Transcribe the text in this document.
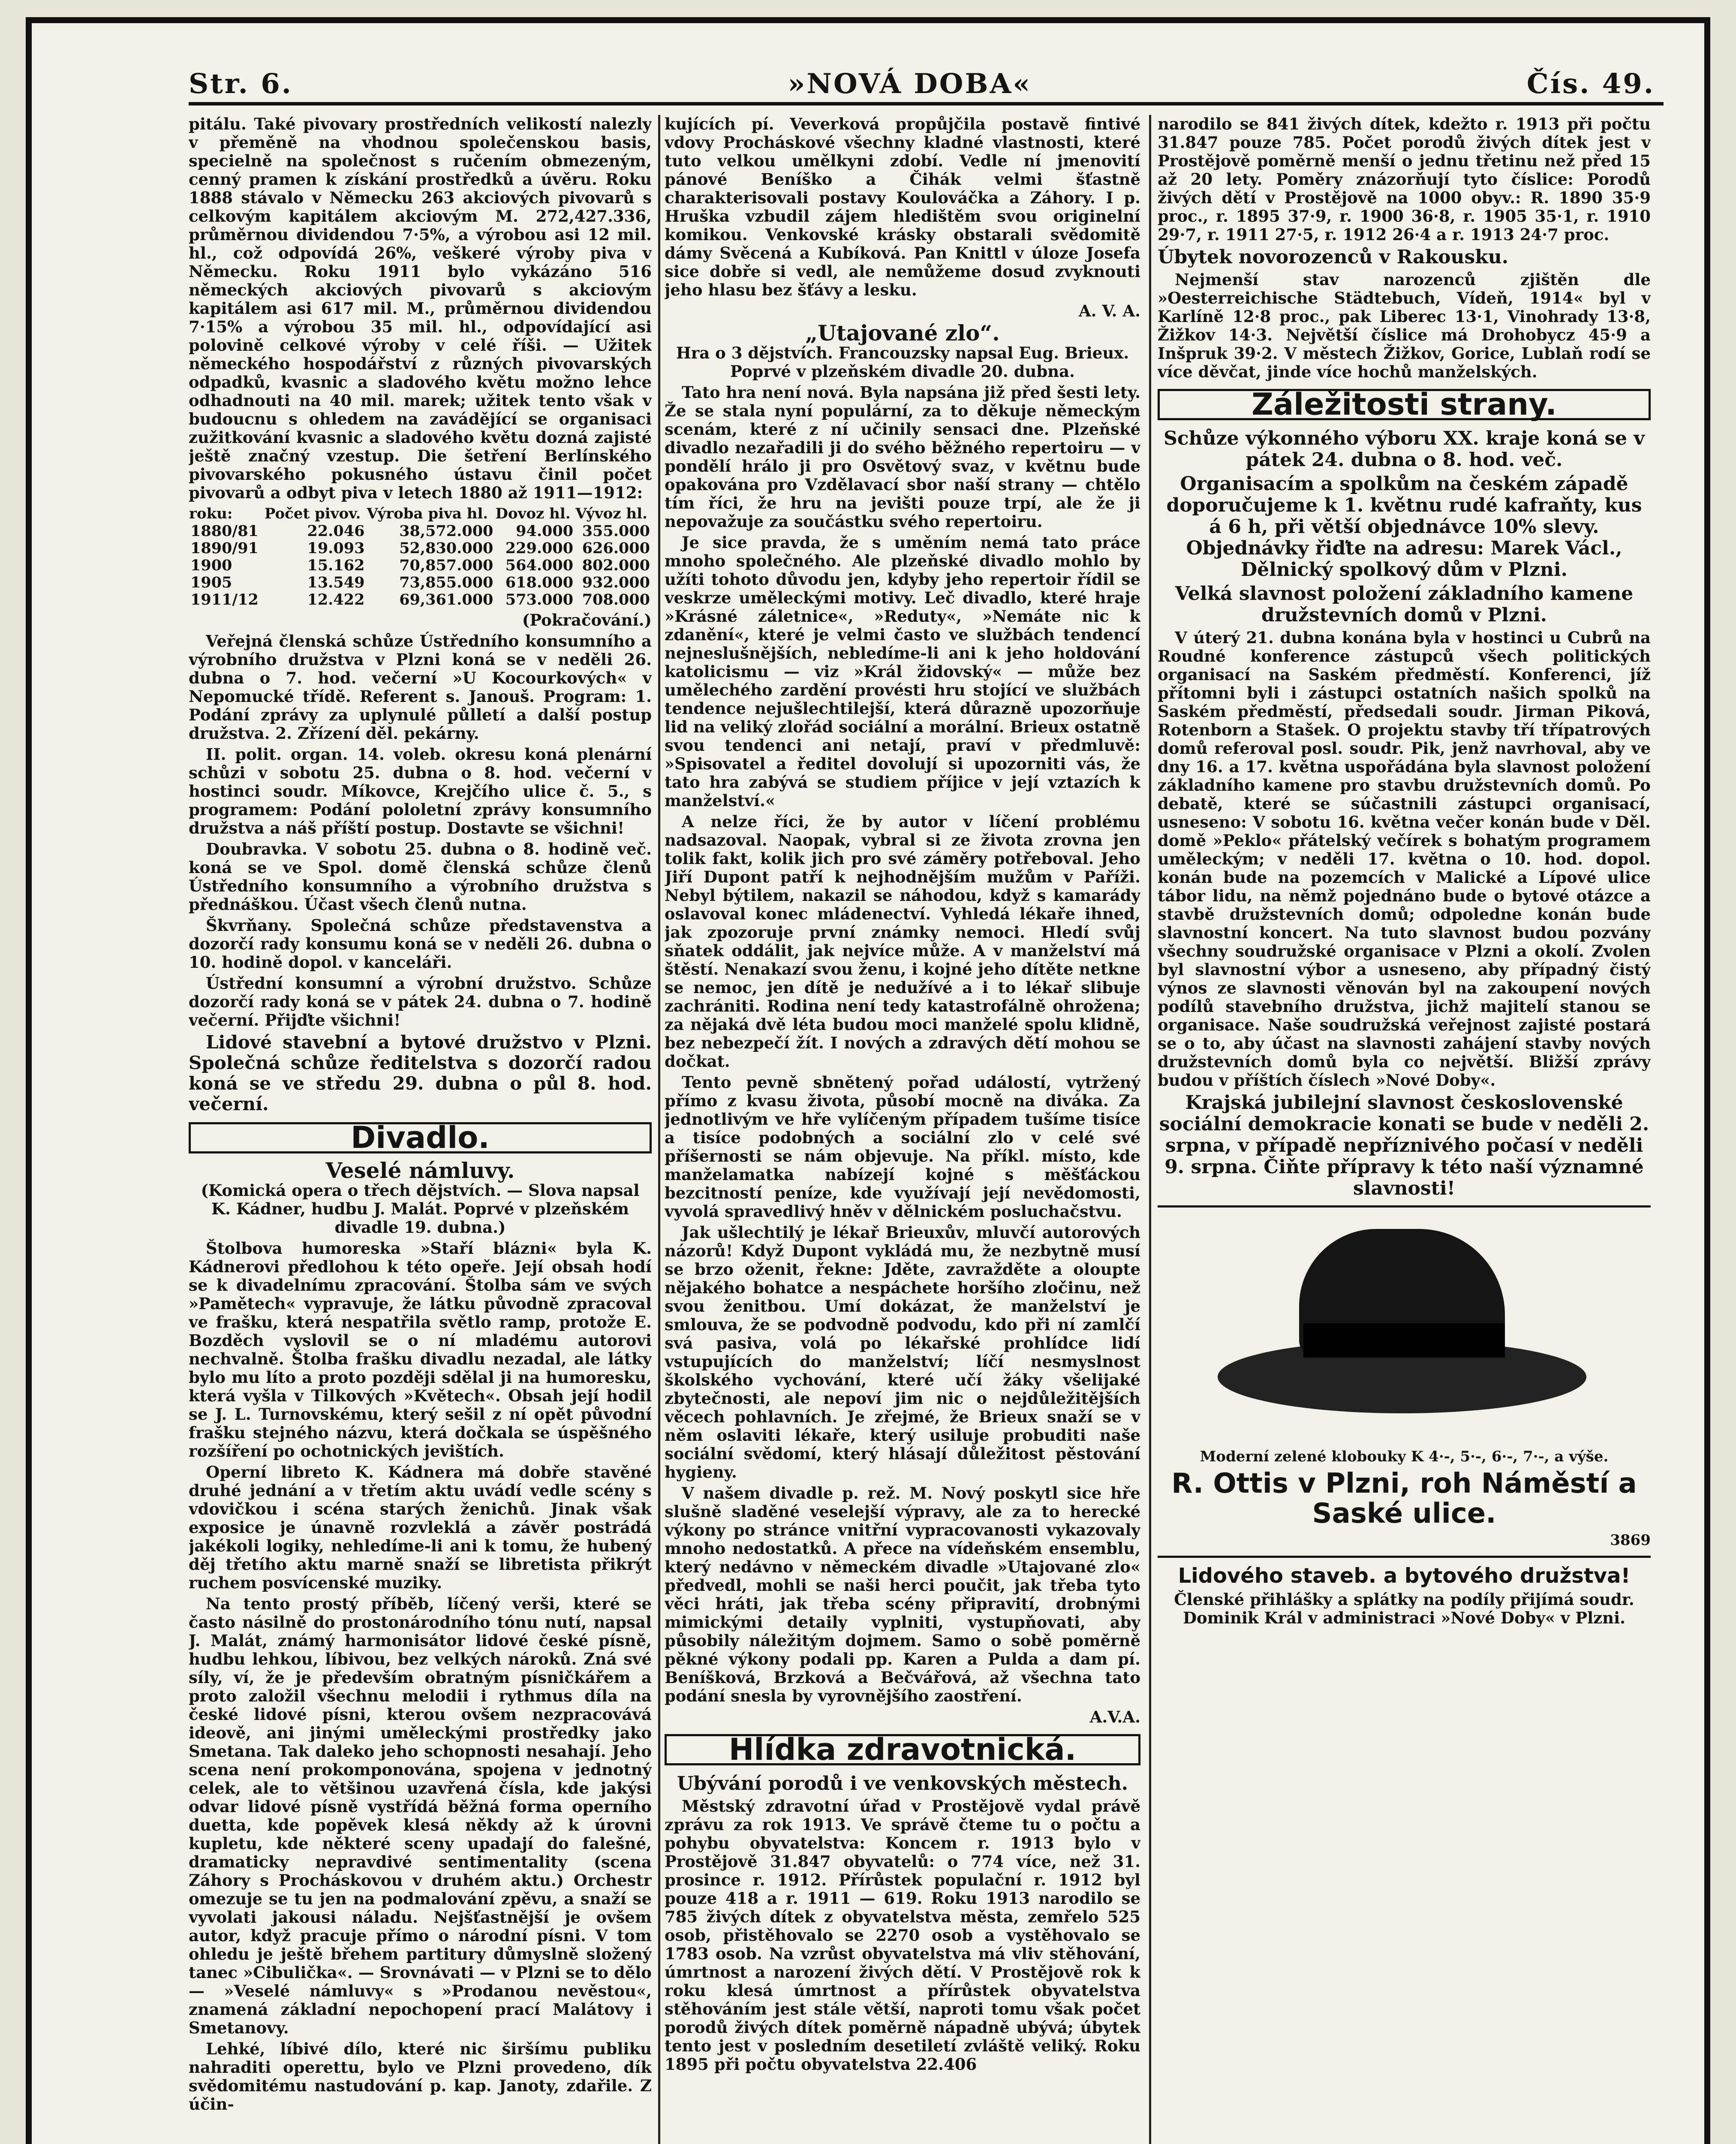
Str. 6.	»NOVÁ DOBA«	Čís. 49.

pitálu. Také pivovary prostředních velikostí nalezly v přeměně na vhodnou společenskou basis, specielně na společnost s ručením obmezeným, cenný pramen k získání prostředků a úvěru. Roku 1888 stávalo v Německu 263 akciových pivovarů s celkovým kapitálem akciovým M. 272,427.336, průměrnou dividendou 7·5%, a výrobou asi 12 mil. hl., což odpovídá 26%, veškeré výroby piva v Německu. Roku 1911 bylo vykázáno 516 německých akciových pivovarů s akciovým kapitálem asi 617 mil. M., průměrnou dividendou 7·15% a výrobou 35 mil. hl., odpovídající asi polovině celkové výroby v celé říši. — Užitek německého hospodářství z různých pivovarských odpadků, kvasnic a sladového květu možno lehce odhadnouti na 40 mil. marek; užitek tento však v budoucnu s ohledem na zavádějící se organisaci zužitkování kvasnic a sladového květu dozná zajisté ještě značný vzestup. Die šetření Berlínského pivovarského pokusného ústavu činil počet pivovarů a odbyt piva v letech 1880 až 1911—1912:

roku:	Počet pivov.	Výroba piva hl.	Dovoz hl.	Vývoz hl.
1880/81	22.046	38,572.000	94.000	355.000
1890/91	19.093	52,830.000	229.000	626.000
1900	15.162	70,857.000	564.000	802.000
1905	13.549	73,855.000	618.000	932.000
1911/12	12.422	69,361.000	573.000	708.000

(Pokračování.)

Veřejná členská schůze Ústředního konsumního a výrobního družstva v Plzni koná se v neděli 26. dubna o 7. hod. večerní »U Kocourkových« v Nepomucké třídě. Referent s. Janouš. Program: 1. Podání zprávy za uplynulé půlletí a další postup družstva. 2. Zřízení děl. pekárny.

II. polit. organ. 14. voleb. okresu koná plenární schůzi v sobotu 25. dubna o 8. hod. večerní v hostinci soudr. Míkovce, Krejčího ulice č. 5., s programem: Podání pololetní zprávy konsumního družstva a náš příští postup. Dostavte se všichni!

Doubravka. V sobotu 25. dubna o 8. hodině več. koná se ve Spol. domě členská schůze členů Ústředního konsumního a výrobního družstva s přednáškou. Účast všech členů nutna.

Škvrňany. Společná schůze představenstva a dozorčí rady konsumu koná se v neděli 26. dubna o 10. hodině dopol. v kanceláři.

Ústřední konsumní a výrobní družstvo. Schůze dozorčí rady koná se v pátek 24. dubna o 7. hodině večerní. Přijďte všichni!

Lidové stavební a bytové družstvo v Plzni. Společná schůze ředitelstva s dozorčí radou koná se ve středu 29. dubna o půl 8. hod. večerní.

Divadlo.
Veselé námluvy.

(Komická opera o třech dějstvích. — Slova napsal K. Kádner, hudbu J. Malát. Poprvé v plzeňském divadle 19. dubna.)

Štolbova humoreska »Staří blázni« byla K. Kádnerovi předlohou k této opeře. Její obsah hodí se k divadelnímu zpracování. Štolba sám ve svých »Pamětech« vypravuje, že látku původně zpracoval ve frašku, která nespatřila světlo ramp, protože E. Bozděch vyslovil se o ní mladému autorovi nechvalně. Štolba frašku divadlu nezadal, ale látky bylo mu líto a proto později sdělal ji na humoresku, která vyšla v Tilkových »Květech«. Obsah její hodil se J. L. Turnovskému, který sešil z ní opět původní frašku stejného názvu, která dočkala se úspěšného rozšíření po ochotnických jevištích.

Operní libreto K. Kádnera má dobře stavěné druhé jednání a v třetím aktu uvádí vedle scény s vdovičkou i scéna starých ženichů. Jinak však exposice je únavně rozvleklá a závěr postrádá jakékoli logiky, nehledíme-li ani k tomu, že hubený děj třetího aktu marně snaží se libretista přikrýt ruchem posvícenské muziky.

Na tento prostý příběb, líčený verši, které se často násilně do prostonárodního tónu nutí, napsal J. Malát, známý harmonisátor lidové české písně, hudbu lehkou, líbivou, bez velkých nároků. Zná své síly, ví, že je především obratným písničkářem a proto založil všechnu melodii i rythmus díla na české lidové písni, kterou ovšem nezpracovává ideově, ani jinými uměleckými prostředky jako Smetana. Tak daleko jeho schopnosti nesahají. Jeho scena není prokomponována, spojena v jednotný celek, ale to většinou uzavřená čísla, kde jakýsi odvar lidové písně vystřídá běžná forma operního duetta, kde popěvek klesá někdy až k úrovni kupletu, kde některé sceny upadají do falešné, dramaticky nepravdivé sentimentality (scena Záhory s Procháskovou v druhém aktu.) Orchestr omezuje se tu jen na podmalování zpěvu, a snaží se vyvolati jakousi náladu. Nejšťastnější je ovšem autor, když pracuje přímo o národní písni. V tom ohledu je ještě břehem partitury důmyslně složený tanec »Cibulička«. — Srovnávati — v Plzni se to dělo — »Veselé námluvy« s »Prodanou nevěstou«, znamená základní nepochopení prací Malátovy i Smetanovy.

Lehké, líbivé dílo, které nic širšímu publiku nahraditi operettu, bylo ve Plzni provedeno, dík svědomitému nastudování p. kap. Janoty, zdařile. Z účin-

kujících pí. Veverková propůjčila postavě fintivé vdovy Procháskové všechny kladné vlastnosti, které tuto velkou umělkyni zdobí. Vedle ní jmenovití pánové Beníško a Čihák velmi šťastně charakterisovali postavy Koulováčka a Záhory. I p. Hruška vzbudil zájem hledištěm svou originelní komikou. Venkovské krásky obstarali svědomitě dámy Svěcená a Kubíková. Pan Knittl v úloze Josefa sice dobře si vedl, ale nemůžeme dosud zvyknouti jeho hlasu bez šťávy a lesku.

A. V. A.

„Utajované zlo“.

Hra o 3 dějstvích. Francouzsky napsal Eug. Brieux. Poprvé v plzeňském divadle 20. dubna.

Tato hra není nová. Byla napsána již před šesti lety. Že se stala nyní populární, za to děkuje německým scenám, které z ní učinily sensaci dne. Plzeňské divadlo nezařadili ji do svého běžného repertoiru — v pondělí hrálo ji pro Osvětový svaz, v květnu bude opakována pro Vzdělavací sbor naší strany — chtělo tím říci, že hru na jevišti pouze trpí, ale že ji nepovažuje za součástku svého repertoiru.

Je sice pravda, že s uměním nemá tato práce mnoho společného. Ale plzeňské divadlo mohlo by užíti tohoto důvodu jen, kdyby jeho repertoir řídil se veskrze uměleckými motivy. Leč divadlo, které hraje »Krásné záletnice«, »Reduty«, »Nemáte nic k zdanění«, které je velmi často ve službách tendencí nejneslušnějších, nebledíme-li ani k jeho holdování katolicismu — viz »Král židovský« — může bez umělechého zardění provésti hru stojící ve službách tendence nejušlechtilejší, která důrazně upozorňuje lid na veliký zlořád sociální a morální. Brieux ostatně svou tendenci ani netají, praví v předmluvě: »Spisovatel a ředitel dovolují si upozorniti vás, že tato hra zabývá se studiem příjice v její vztazích k manželství.«

A nelze říci, že by autor v líčení problému nadsazoval. Naopak, vybral si ze života zrovna jen tolik fakt, kolik jich pro své záměry potřeboval. Jeho Jiří Dupont patří k nejhodnějším mužům v Paříži. Nebyl býtilem, nakazil se náhodou, když s kamarády oslavoval konec mládenectví. Vyhledá lékaře ihned, jak zpozoruje první známky nemoci. Hledí svůj sňatek oddálit, jak nejvíce může. A v manželství má štěstí. Nenakazí svou ženu, i kojné jeho dítěte netkne se nemoc, jen dítě je nedužívé a i to lékař slibuje zachrániti. Rodina není tedy katastrofálně ohrožena; za nějaká dvě léta budou moci manželé spolu klidně, bez nebezpečí žít. I nových a zdravých dětí mohou se dočkat.

Tento pevně sbnětený pořad událostí, vytržený přímo z kvasu života, působí mocně na diváka. Za jednotlivým ve hře vylíčeným případem tušíme tisíce a tisíce podobných a sociální zlo v celé své příšernosti se nám objevuje. Na příkl. místo, kde manželamatka nabízejí kojné s měšťáckou bezcitností peníze, kde využívají její nevědomosti, vyvolá spravedlivý hněv v dělnickém posluchačstvu.

Jak ušlechtilý je lékař Brieuxův, mluvčí autorových názorů! Když Dupont vykládá mu, že nezbytně musí se brzo oženit, řekne: Jděte, zavražděte a oloupte nějakého bohatce a nespáchete horšího zločinu, než svou ženitbou. Umí dokázat, že manželství je smlouva, že se podvodně podvodu, kdo při ní zamlčí svá pasiva, volá po lékařské prohlídce lidí vstupujících do manželství; líčí nesmyslnost školského vychování, které učí žáky všelijaké zbytečnosti, ale nepoví jim nic o nejdůležitějších věcech pohlavních. Je zřejmé, že Brieux snaží se v něm oslaviti lékaře, který usiluje probuditi naše sociální svědomí, který hlásají důležitost pěstování hygieny.

V našem divadle p. rež. M. Nový poskytl sice hře slušně sladěné veselejší výpravy, ale za to herecké výkony po stránce vnitřní vypracovanosti vykazovaly mnoho nedostatků. A přece na vídeňském ensemblu, který nedávno v německém divadle »Utajované zlo« předvedl, mohli se naši herci poučit, jak třeba tyto věci hráti, jak třeba scény připravití, drobnými mimickými detaily vyplniti, vystupňovati, aby působily náležitým dojmem. Samo o sobě poměrně pěkné výkony podali pp. Karen a Pulda a dam pí. Beníšková, Brzková a Bečvářová, až všechna tato podání snesla by vyrovnějšího zaostření.

A.V.A.

Hlídka zdravotnická.

Ubývání porodů i ve venkovských městech.

Městský zdravotní úřad v Prostějově vydal právě zprávu za rok 1913. Ve správě čteme tu o počtu a pohybu obyvatelstva: Koncem r. 1913 bylo v Prostějově 31.847 obyvatelů: o 774 více, než 31. prosince r. 1912. Přírůstek populační r. 1912 byl pouze 418 a r. 1911 — 619. Roku 1913 narodilo se 785 živých dítek z obyvatelstva města, zemřelo 525 osob, přistěhovalo se 2270 osob a vystěhovalo se 1783 osob. Na vzrůst obyvatelstva má vliv stěhování, úmrtnost a narození živých dětí. V Prostějově rok k roku klesá úmrtnost a přírůstek obyvatelstva stěhováním jest stále větší, naproti tomu však počet porodů živých dítek poměrně nápadně ubývá; úbytek tento jest v posledním desetiletí zvláště veliký. Roku 1895 při počtu obyvatelstva 22.406

narodilo se 841 živých dítek, kdežto r. 1913 při počtu 31.847 pouze 785. Počet porodů živých dítek jest v Prostějově poměrně menší o jednu třetinu než před 15 až 20 lety. Poměry znázorňují tyto číslice: Porodů živých dětí v Prostějově na 1000 obyv.: R. 1890 35·9 proc., r. 1895 37·9, r. 1900 36·8, r. 1905 35·1, r. 1910 29·7, r. 1911 27·5, r. 1912 26·4 a r. 1913 24·7 proc.

Úbytek novorozenců v Rakousku.

Nejmenší stav narozenců zjištěn dle »Oesterreichische Städtebuch, Vídeň, 1914« byl v Karlíně 12·8 proc., pak Liberec 13·1, Vinohrady 13·8, Žižkov 14·3. Největší číslice má Drohobycz 45·9 a Inšpruk 39·2. V městech Žižkov, Gorice, Lublaň rodí se více děvčat, jinde více hochů manželských.

Záležitosti strany.

Schůze výkonného výboru XX. kraje koná se v pátek 24. dubna o 8. hod. več.

Organisacím a spolkům na českém západě doporučujeme k 1. květnu rudé kafraňty, kus á 6 h, při větší objednávce 10% slevy. Objednávky řiďte na adresu: Marek Václ., Dělnický spolkový dům v Plzni.

Velká slavnost položení základního kamene družstevních domů v Plzni.

V úterý 21. dubna konána byla v hostinci u Cubrů na Roudné konference zástupců všech politických organisací na Saském předměstí. Konferenci, jíž přítomni byli i zástupci ostatních našich spolků na Saském předměstí, předsedali soudr. Jirman Piková, Rotenborn a Stašek. O projektu stavby tří třípatrových domů referoval posl. soudr. Pik, jenž navrhoval, aby ve dny 16. a 17. května uspořádána byla slavnost položení základního kamene pro stavbu družstevních domů. Po debatě, které se súčastnili zástupci organisací, usneseno: V sobotu 16. května večer konán bude v Děl. domě »Peklo« přátelský večírek s bohatým programem uměleckým; v neděli 17. května o 10. hod. dopol. konán bude na pozemcích v Malické a Lípové ulice tábor lidu, na němž pojednáno bude o bytové otázce a stavbě družstevních domů; odpoledne konán bude slavnostní koncert. Na tuto slavnost budou pozvány všechny soudružské organisace v Plzni a okolí. Zvolen byl slavnostní výbor a usneseno, aby případný čistý výnos ze slavnosti věnován byl na zakoupení nových podílů stavebního družstva, jichž majitelí stanou se organisace. Naše soudružská veřejnost zajisté postará se o to, aby účast na slavnosti zahájení stavby nových družstevních domů byla co největší. Bližší zprávy budou v příštích číslech »Nové Doby«.

Krajská jubilejní slavnost československé sociální demokracie konati se bude v neděli 2. srpna, v případě nepříznivého počasí v neděli 9. srpna. Čiňte přípravy k této naší významné slavnosti!

Moderní zelené klobouky K 4·-, 5·-, 6·-, 7·-, a výše.

R. Ottis v Plzni, roh Náměstí a Saské ulice.

3869

Lidového staveb. a bytového družstva!

Členské přihlášky a splátky na podíly přijímá soudr. Dominik Král v administraci »Nové Doby« v Plzni.
